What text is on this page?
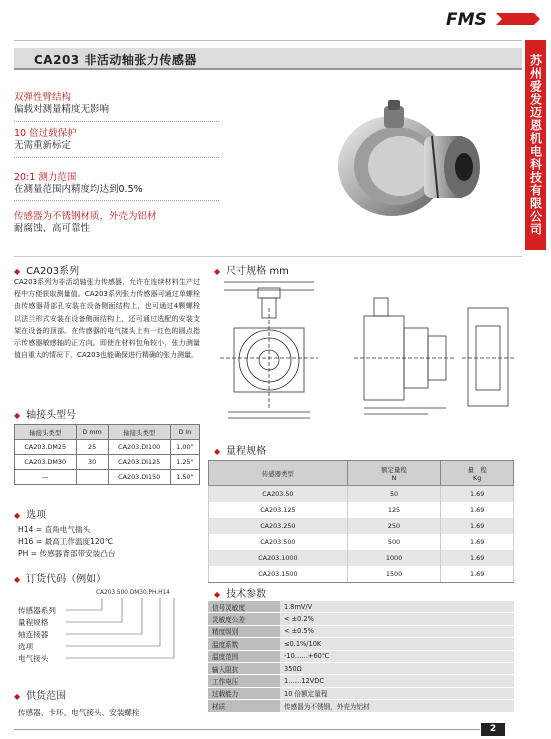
FMS
CA203 非活动轴张力传感器	苏州爱发迈恩机电科技有限公司
双弹性臂结构
偏载对测量精度无影响
10 倍过载保护
无需重新标定
20:1 测力范围
在测量范围内精度均达到0.5%
传感器为不锈钢材质，外壳为铝材
耐腐蚀、高可靠性
◆ CA203系列
CA203系列为非活动轴张力传感器，允许在连续材料生产过程中方便获取测量值。CA203系列张力传感器可通过单螺栓由传感器背部孔安装在设备侧面结构上，也可通过4颗螺栓以法兰形式安装在设备侧面结构上，还可通过选配的安装支架在设备的顶部。在传感器的电气接头上有一红色的圆点指示传感器敏感轴的正方向。即使在材料包角较小，张力测量值自重大的情况下，CA203也能确保进行精确的张力测量。
◆ 尺寸规格 mm
◆ 轴接头型号
轴接头类型	D mm	轴接头类型	D in
CA203.DM25	25	CA203.DI100	1.00"
CA203.DM30	30	CA203.DI125	1.25"
—		CA203.DI150	1.50"
◆ 选项
H14 = 直角电气插头
H16 = 最高工作温度120℃
PH = 传感器背部带安装凸台
◆ 订货代码（例如）
CA203.500.DM30.PH.H14
传感器系列
量程规格
轴连接器
选项
电气接头
◆ 供货范围
传感器、卡环、电气接头、安装螺栓
◆ 量程规格
传感器类型	额定量程
N	量　程
Kg
CA203.50	50	1.69
CA203.125	125	1.69
CA203.250	250	1.69
CA203.500	500	1.69
CA203.1000	1000	1.69
CA203.1500	1500	1.69
◆ 技术参数
信号灵敏度	1.8mV/V
灵敏度公差	< ±0.2%
精度级别	< ±0.5%
温度系数	≤0.1%/10K
温度范围	-10……+60℃
输入阻抗	350Ω
工作电压	1……12VDC
过载能力	10 倍额定量程
材质	传感器为不锈钢，外壳为铝材
2
